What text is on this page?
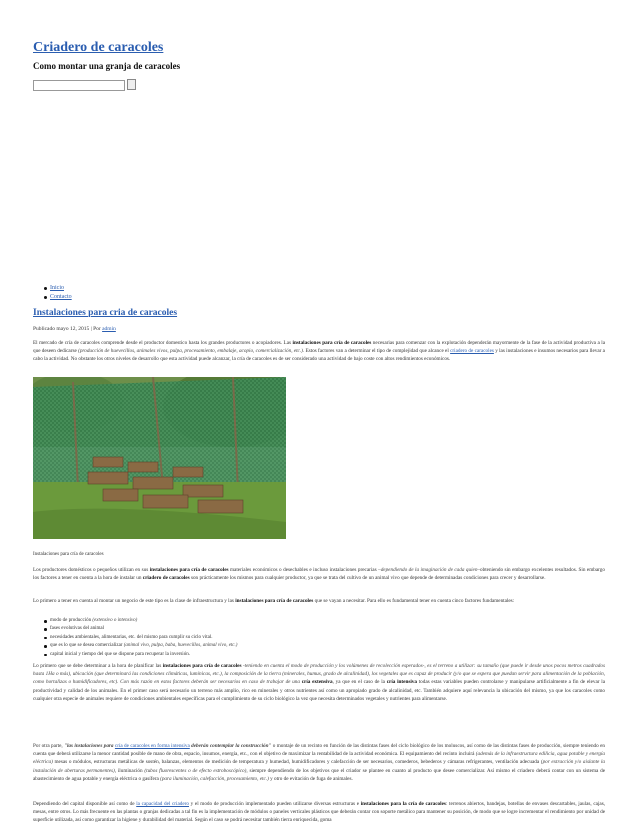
Criadero de caracoles
Como montar una granja de caracoles
Inicio
Contacto
Instalaciones para cria de caracoles
Publicado mayo 12, 2015 | Por admin

El mercado de cría de caracoles comprende desde el productor domestico hasta los grandes productores o acopiadores. Las instalaciones para cría de caracoles necesarias para comenzar con la explotación dependerán mayormente de la fase de la actividad productiva a la que deseen dedicarse (producción de huevecillos, animales vivos, pulpa, procesamiento, embalaje, acopio, comercialización, etc.). Estos factores van a determinar el tipo de complejidad que alcance el criadero de caracoles y las instalaciones e insumos necesarios para llevar a cabo la actividad. No obstante los otros niveles de desarrollo que esta actividad puede alcanzar, la cría de caracoles es de ser considerado una actividad de bajo coste con altos rendimientos económicos.

Instalaciones para cría de caracoles

Los productores domésticos o pequeños utilizan en sus instalaciones para cría de caracoles materiales económicos o desechables e incluso instalaciones precarias –dependiendo de la imaginación de cada quien–obteniendo sin embargo excelentes resultados. Sin embargo los factores a tener en cuenta a la hora de instalar un criadero de caracoles son prácticamente los mismos para cualquier productor, ya que se trata del cultivo de un animal vivo que depende de determinadas condiciones para crecer y desarrollarse.

Lo primero a tener en cuenta al montar un negocio de este tipo es la clase de infraestructura y las instalaciones para cría de caracoles que se vayan a necesitar. Para ello es fundamental tener en cuenta cinco factores fundamentales:

modo de producción (extensivo o intensivo)
fases evolutivas del animal
necesidades ambientales, alimentarias, etc. del mismo para cumplir su ciclo vital.
que es lo que se desea comercializar (animal vivo, pulpa, baba, huevecillos, animal vivo, etc.)
capital inicial y tiempo del que se dispone para recuperar la inversión.

Lo primero que se debe determinar a la hora de planificar las instalaciones para cría de caracoles -teniendo en cuenta el modo de producción y los volúmenes de recolección esperados-, es el terreno a utilizar: su tamaño (que puede ir desde unos pocos metros cuadrados hasta 1Ha o más), ubicación (que determinará las condiciones climáticas, lumínicas, etc.), la composición de la tierra (minerales, humus, grado de alcalinidad), los vegetales que es capaz de producir (y/o que se espera que puedan servir para alimentación de la población, como hortalizas o humidificadores, etc). Con más razón en estos factores deberán ser necesarios en caso de trabajar de una cría extensiva, ya que en el caso de la cría intensiva todas estas variables pueden controlarse y manipularse artificialmente a fin de elevar la productividad y calidad de los animales. En el primer caso será necesario un terreno más amplio, rico en minerales y otros nutrientes así como un apropiado grado de alcalinidad, etc. También adquiere aquí relevancia la ubicación del mismo, ya que los caracoles como cualquier otra especie de animales requiere de condiciones ambientales específicas para el cumplimiento de su ciclo biológico la vez que necesita determinados vegetales y nutrientes para alimentarse.

Por otra parte, "las instalaciones para cría de caracoles en forma intensiva deberán contemplar la construcción" o montaje de un recinto en función de las distintas fases del ciclo biológico de los moluscos, así como de las distintas fases de producción, siempre teniendo en cuenta que deberá utilizarse la menor cantidad posible de mano de obra, espacio, insumos, energía, etc., con el objetivo de maximizar la rentabilidad de la actividad económica. El equipamiento del recinto incluirá (además de la infraestructura edilicia, agua potable y energía eléctrica) mesas o módulos, estructuras metálicas de sostén, balanzas, elementos de medición de temperatura y humedad, humidificadores y calefacción de ser necesarios, comederos, bebederos y cámaras refrigerantes, ventilación adecuada (por extracción y/o aislante la instalación de aberturas permanentes), iluminación (tubos fluorescentes o de efecto estroboscópico), siempre dependiendo de los objetivos que el criador se plantee en cuanto al producto que desee comercializar. Así mismo el criadero deberá contar con un sistema de abastecimiento de agua potable y energía eléctrica o gasífera (para iluminación, calefacción, procesamiento, etc.) y otro de evitación de fuga de animales.

Dependiendo del capital disponible así como de la capacidad del criadero y el modo de producción implementado pueden utilizarse diversas estructuras e instalaciones para la cría de caracoles: terrenos abiertos, bandejas, botellas de envases descartables, jaulas, cajas, mesas, entre otros. Lo más frecuente en las plantas o granjas dedicadas a tal fin es la implementación de módulos o paneles verticales plásticos que deberán contar con soporte metálico para mantener su posición, de modo que se logre incrementar el rendimiento por unidad de superficie utilizada, así como garantizar la higiene y durabilidad del material. Según el caso se podrá necesitar también tierra enriquecida, goma
